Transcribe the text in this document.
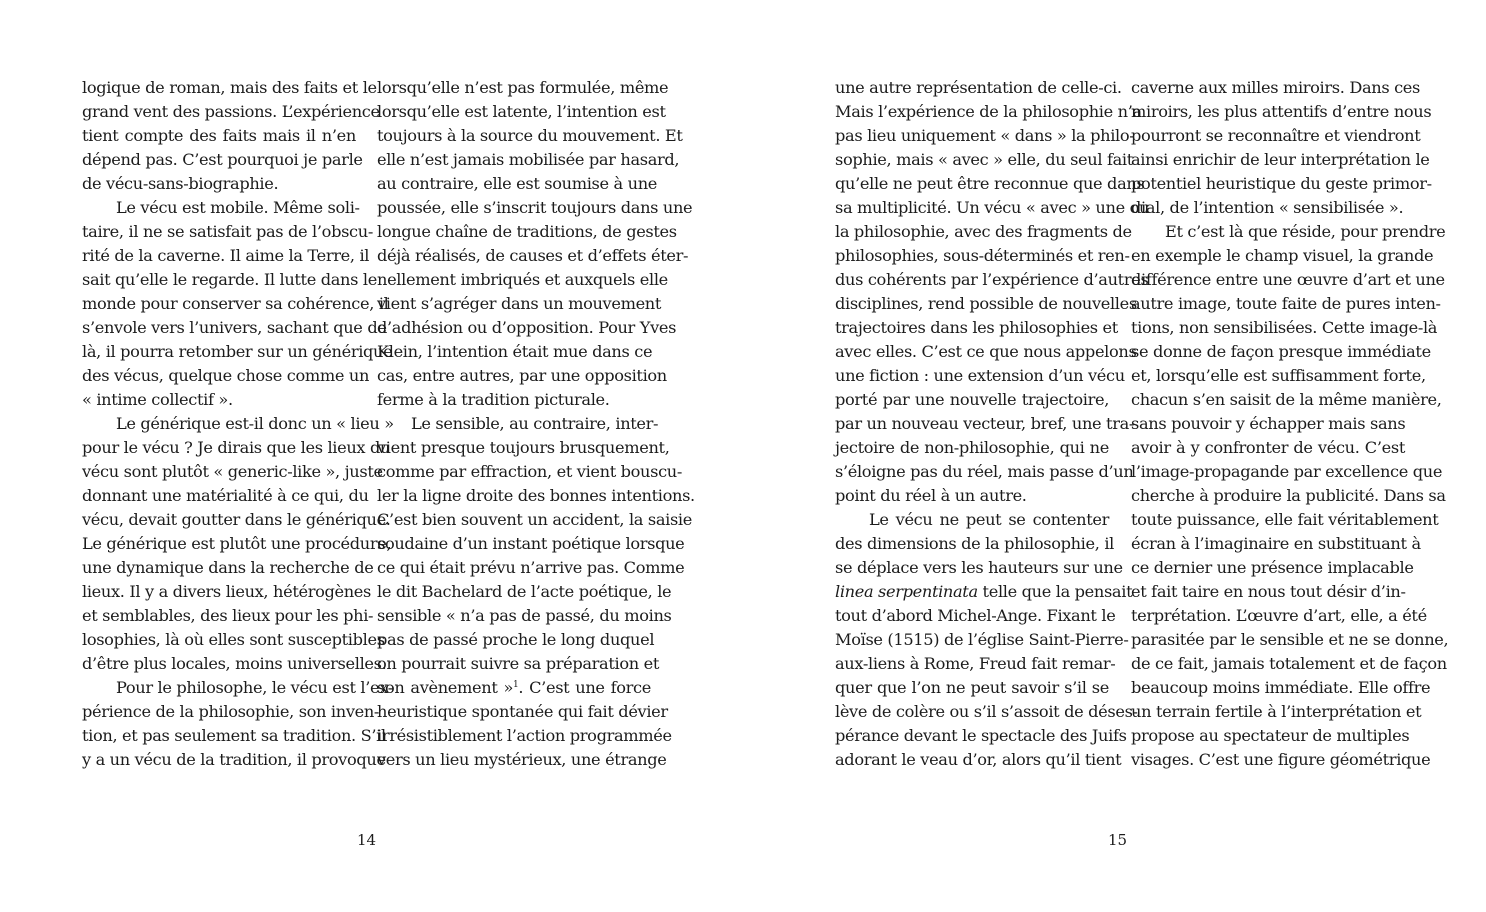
logique de roman, mais des faits et le
grand vent des passions. L’expérience
tient compte des faits mais il n’en
dépend pas. C’est pourquoi je parle
de vécu-sans-biographie.
Le vécu est mobile. Même soli-
taire, il ne se satisfait pas de l’obscu-
rité de la caverne. Il aime la Terre, il
sait qu’elle le regarde. Il lutte dans le
monde pour conserver sa cohérence, il
s’envole vers l’univers, sachant que de
là, il pourra retomber sur un générique
des vécus, quelque chose comme un
« intime collectif ».
Le générique est-il donc un « lieu »
pour le vécu ? Je dirais que les lieux du
vécu sont plutôt « generic-like », juste
donnant une matérialité à ce qui, du
vécu, devait goutter dans le générique.
Le générique est plutôt une procédure,
une dynamique dans la recherche de
lieux. Il y a divers lieux, hétérogènes
et semblables, des lieux pour les phi-
losophies, là où elles sont susceptibles
d’être plus locales, moins universelles.
Pour le philosophe, le vécu est l’ex-
périence de la philosophie, son inven-
tion, et pas seulement sa tradition. S’il
y a un vécu de la tradition, il provoque
lorsqu’elle n’est pas formulée, même
lorsqu’elle est latente, l’intention est
toujours à la source du mouvement. Et
elle n’est jamais mobilisée par hasard,
au contraire, elle est soumise à une
poussée, elle s’inscrit toujours dans une
longue chaîne de traditions, de gestes
déjà réalisés, de causes et d’effets éter-
nellement imbriqués et auxquels elle
vient s’agréger dans un mouvement
d’adhésion ou d’opposition. Pour Yves
Klein, l’intention était mue dans ce
cas, entre autres, par une opposition
ferme à la tradition picturale.
Le sensible, au contraire, inter-
vient presque toujours brusquement,
comme par effraction, et vient bouscu-
ler la ligne droite des bonnes intentions.
C’est bien souvent un accident, la saisie
soudaine d’un instant poétique lorsque
ce qui était prévu n’arrive pas. Comme
le dit Bachelard de l’acte poétique, le
sensible « n’a pas de passé, du moins
pas de passé proche le long duquel
on pourrait suivre sa préparation et
son avènement »$^1$. C’est une force
heuristique spontanée qui fait dévier
irrésistiblement l’action programmée
vers un lieu mystérieux, une étrange
14
une autre représentation de celle-ci.
Mais l’expérience de la philosophie n’a
pas lieu uniquement « dans » la philo-
sophie, mais « avec » elle, du seul fait
qu’elle ne peut être reconnue que dans
sa multiplicité. Un vécu « avec » une ou
la philosophie, avec des fragments de
philosophies, sous-déterminés et ren-
dus cohérents par l’expérience d’autres
disciplines, rend possible de nouvelles
trajectoires dans les philosophies et
avec elles. C’est ce que nous appelons
une fiction : une extension d’un vécu
porté par une nouvelle trajectoire,
par un nouveau vecteur, bref, une tra-
jectoire de non-philosophie, qui ne
s’éloigne pas du réel, mais passe d’un
point du réel à un autre.
Le vécu ne peut se contenter
des dimensions de la philosophie, il
se déplace vers les hauteurs sur une
linea serpentinata telle que la pensait
tout d’abord Michel-Ange. Fixant le
Moïse (1515) de l’église Saint-Pierre-
aux-liens à Rome, Freud fait remar-
quer que l’on ne peut savoir s’il se
lève de colère ou s’il s’assoit de déses-
pérance devant le spectacle des Juifs
adorant le veau d’or, alors qu’il tient
caverne aux milles miroirs. Dans ces
miroirs, les plus attentifs d’entre nous
pourront se reconnaître et viendront
ainsi enrichir de leur interprétation le
potentiel heuristique du geste primor-
dial, de l’intention « sensibilisée ».
Et c’est là que réside, pour prendre
en exemple le champ visuel, la grande
différence entre une œuvre d’art et une
autre image, toute faite de pures inten-
tions, non sensibilisées. Cette image-là
se donne de façon presque immédiate
et, lorsqu’elle est suffisamment forte,
chacun s’en saisit de la même manière,
sans pouvoir y échapper mais sans
avoir à y confronter de vécu. C’est
l’image-propagande par excellence que
cherche à produire la publicité. Dans sa
toute puissance, elle fait véritablement
écran à l’imaginaire en substituant à
ce dernier une présence implacable
et fait taire en nous tout désir d’in-
terprétation. L’œuvre d’art, elle, a été
parasitée par le sensible et ne se donne,
de ce fait, jamais totalement et de façon
beaucoup moins immédiate. Elle offre
un terrain fertile à l’interprétation et
propose au spectateur de multiples
visages. C’est une figure géométrique
15
